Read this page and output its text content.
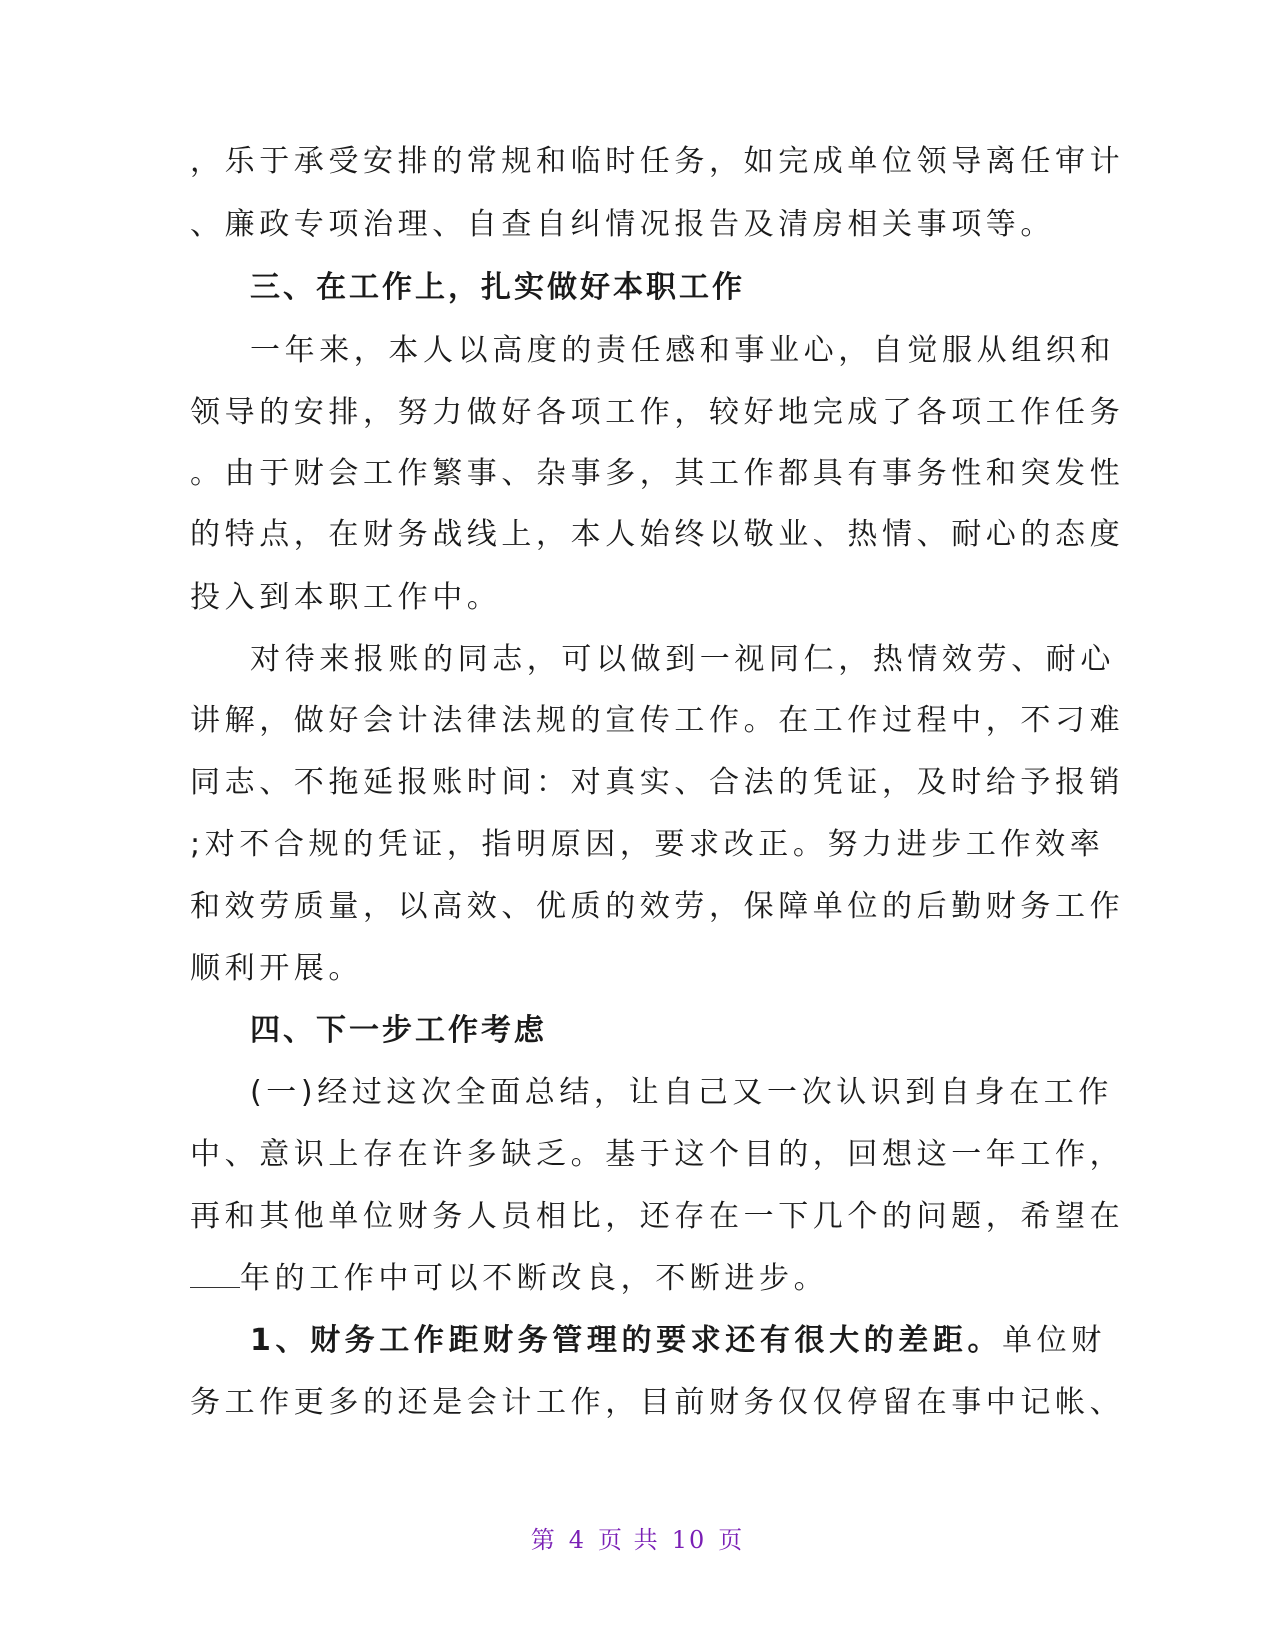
，乐于承受安排的常规和临时任务，如完成单位领导离任审计
、廉政专项治理、自查自纠情况报告及清房相关事项等。
三、在工作上，扎实做好本职工作
一年来，本人以高度的责任感和事业心，自觉服从组织和
领导的安排，努力做好各项工作，较好地完成了各项工作任务
。由于财会工作繁事、杂事多，其工作都具有事务性和突发性
的特点，在财务战线上，本人始终以敬业、热情、耐心的态度
投入到本职工作中。
对待来报账的同志，可以做到一视同仁，热情效劳、耐心
讲解，做好会计法律法规的宣传工作。在工作过程中，不刁难
同志、不拖延报账时间：对真实、合法的凭证，及时给予报销
;对不合规的凭证，指明原因，要求改正。努力进步工作效率
和效劳质量，以高效、优质的效劳，保障单位的后勤财务工作
顺利开展。
四、下一步工作考虑
(一)经过这次全面总结，让自己又一次认识到自身在工作
中、意识上存在许多缺乏。基于这个目的，回想这一年工作，
再和其他单位财务人员相比，还存在一下几个的问题，希望在
年的工作中可以不断改良，不断进步。
1、财务工作距财务管理的要求还有很大的差距。单位财
务工作更多的还是会计工作，目前财务仅仅停留在事中记帐、
第 4 页 共 10 页
